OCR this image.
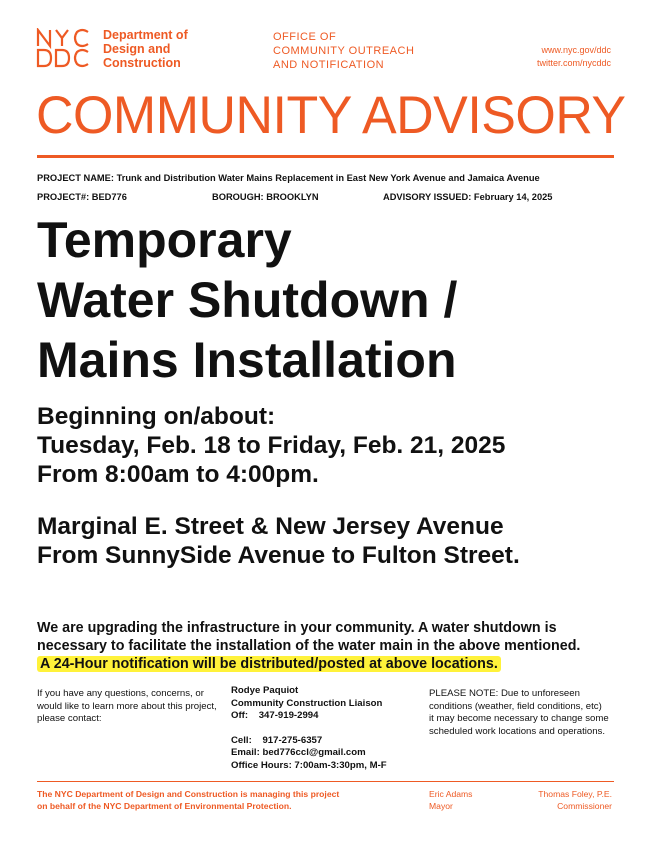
Department of
Design and
Construction
OFFICE OF
COMMUNITY OUTREACH
AND NOTIFICATION
www.nyc.gov/ddc
twitter.com/nycddc
COMMUNITY ADVISORY
PROJECT NAME: Trunk and Distribution Water Mains Replacement in East New York Avenue and Jamaica Avenue
PROJECT#: BED776	BOROUGH: BROOKLYN	ADVISORY ISSUED: February 14, 2025
Temporary
Water Shutdown /
Mains Installation
Beginning on/about:
Tuesday, Feb. 18 to Friday, Feb. 21, 2025
From 8:00am to 4:00pm.
Marginal E. Street & New Jersey Avenue
From SunnySide Avenue to Fulton Street.
We are upgrading the infrastructure in your community. A water shutdown is
necessary to facilitate the installation of the water main in the above mentioned.
A 24-Hour notification will be distributed/posted at above locations.
If you have any questions, concerns, or would like to learn more about this project, please contact:
Rodye Paquiot
Community Construction Liaison
Off:    347-919-2994
Cell:    917-275-6357
Email: bed776ccl@gmail.com
Office Hours: 7:00am-3:30pm, M-F
PLEASE NOTE: Due to unforeseen conditions (weather, field conditions, etc) it may become necessary to change some scheduled work locations and operations.
The NYC Department of Design and Construction is managing this project
on behalf of the NYC Department of Environmental Protection.
Eric Adams
Mayor
Thomas Foley, P.E.
Commissioner
